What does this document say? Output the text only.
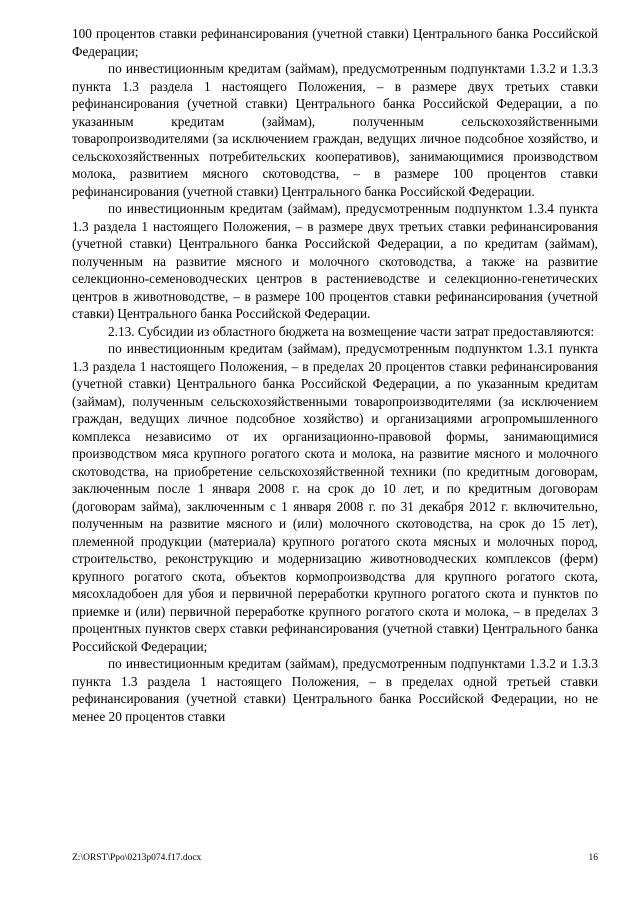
100 процентов ставки рефинансирования (учетной ставки) Центрального банка Российской Федерации;

по инвестиционным кредитам (займам), предусмотренным подпунктами 1.3.2 и 1.3.3 пункта 1.3 раздела 1 настоящего Положения, – в размере двух третьих ставки рефинансирования (учетной ставки) Центрального банка Российской Федерации, а по указанным кредитам (займам), полученным сельскохозяйственными товаропроизводителями (за исключением граждан, ведущих личное подсобное хозяйство, и сельскохозяйственных потребительских кооперативов), занимающимися производством молока, развитием мясного скотоводства, – в размере 100 процентов ставки рефинансирования (учетной ставки) Центрального банка Российской Федерации.

по инвестиционным кредитам (займам), предусмотренным подпунктом 1.3.4 пункта 1.3 раздела 1 настоящего Положения, – в размере двух третьих ставки рефинансирования (учетной ставки) Центрального банка Российской Федерации, а по кредитам (займам), полученным на развитие мясного и молочного скотоводства, а также на развитие селекционно-семеноводческих центров в растениеводстве и селекционно-генетических центров в животноводстве, – в размере 100 процентов ставки рефинансирования (учетной ставки) Центрального банка Российской Федерации.

2.13. Субсидии из областного бюджета на возмещение части затрат предоставляются:

по инвестиционным кредитам (займам), предусмотренным подпунктом 1.3.1 пункта 1.3 раздела 1 настоящего Положения, – в пределах 20 процентов ставки рефинансирования (учетной ставки) Центрального банка Российской Федерации, а по указанным кредитам (займам), полученным сельскохозяйственными товаропроизводителями (за исключением граждан, ведущих личное подсобное хозяйство) и организациями агропромышленного комплекса независимо от их организационно-правовой формы, занимающимися производством мяса крупного рогатого скота и молока, на развитие мясного и молочного скотоводства, на приобретение сельскохозяйственной техники (по кредитным договорам, заключенным после 1 января 2008 г. на срок до 10 лет, и по кредитным договорам (договорам займа), заключенным с 1 января 2008 г. по 31 декабря 2012 г. включительно, полученным на развитие мясного и (или) молочного скотоводства, на срок до 15 лет), племенной продукции (материала) крупного рогатого скота мясных и молочных пород, строительство, реконструкцию и модернизацию животноводческих комплексов (ферм) крупного рогатого скота, объектов кормопроизводства для крупного рогатого скота, мясохладобоен для убоя и первичной переработки крупного рогатого скота и пунктов по приемке и (или) первичной переработке крупного рогатого скота и молока, – в пределах 3 процентных пунктов сверх ставки рефинансирования (учетной ставки) Центрального банка Российской Федерации;

по инвестиционным кредитам (займам), предусмотренным подпунктами 1.3.2 и 1.3.3 пункта 1.3 раздела 1 настоящего Положения, – в пределах одной третьей ставки рефинансирования (учетной ставки) Центрального банка Российской Федерации, но не менее 20 процентов ставки

Z:\ORST\Ppo\0213p074.f17.docx	16
